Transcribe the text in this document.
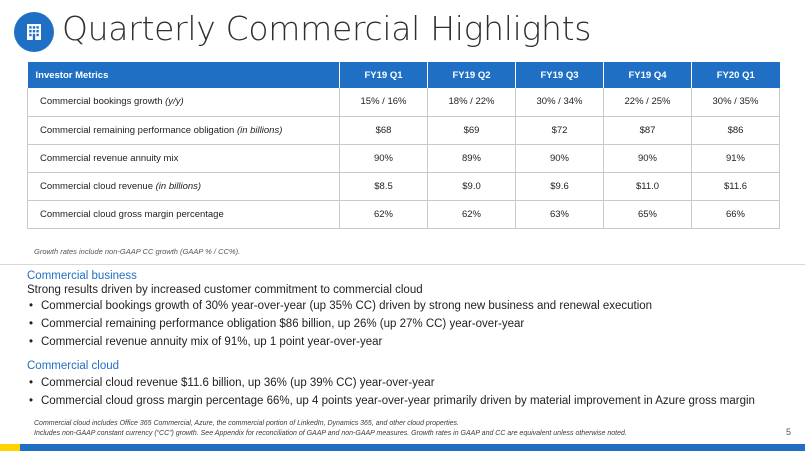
Quarterly Commercial Highlights
Investor Metrics	FY19 Q1	FY19 Q2	FY19 Q3	FY19 Q4	FY20 Q1
Commercial bookings growth (y/y)	15% / 16%	18% / 22%	30% / 34%	22% / 25%	30% / 35%
Commercial remaining performance obligation (in billions)	$68	$69	$72	$87	$86
Commercial revenue annuity mix	90%	89%	90%	90%	91%
Commercial cloud revenue (in billions)	$8.5	$9.0	$9.6	$11.0	$11.6
Commercial cloud gross margin percentage	62%	62%	63%	65%	66%
Growth rates include non-GAAP CC growth (GAAP % / CC%).
Commercial business
Strong results driven by increased customer commitment to commercial cloud
• Commercial bookings growth of 30% year-over-year (up 35% CC) driven by strong new business and renewal execution
• Commercial remaining performance obligation $86 billion, up 26% (up 27% CC) year-over-year
• Commercial revenue annuity mix of 91%, up 1 point year-over-year
Commercial cloud
• Commercial cloud revenue $11.6 billion, up 36% (up 39% CC) year-over-year
• Commercial cloud gross margin percentage 66%, up 4 points year-over-year primarily driven by material improvement in Azure gross margin
Commercial cloud includes Office 365 Commercial, Azure, the commercial portion of LinkedIn, Dynamics 365, and other cloud properties.
Includes non-GAAP constant currency (“CC”) growth. See Appendix for reconciliation of GAAP and non-GAAP measures. Growth rates in GAAP and CC are equivalent unless otherwise noted.	5
